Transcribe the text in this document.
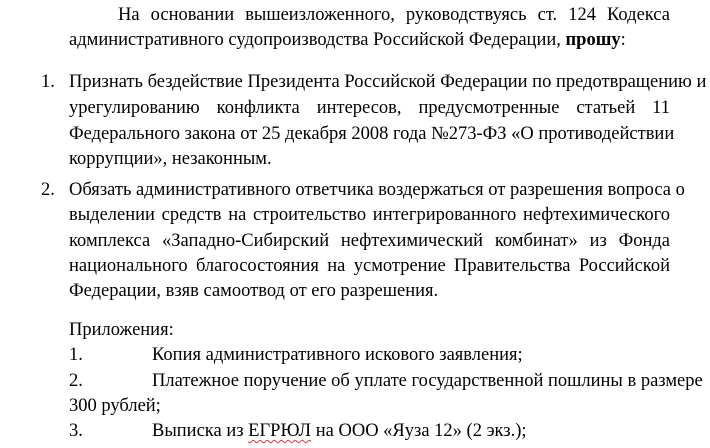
На основании вышеизложенного, руководствуясь ст. 124 Кодекса
административного судопроизводства Российской Федерации, прошу:
1. Признать бездействие Президента Российской Федерации по предотвращению и
урегулированию конфликта интересов, предусмотренные статьей 11
Федерального закона от 25 декабря 2008 года №273-ФЗ «О противодействии
коррупции», незаконным.
2. Обязать административного ответчика воздержаться от разрешения вопроса о
выделении средств на строительство интегрированного нефтехимического
комплекса «Западно-Сибирский нефтехимический комбинат» из Фонда
национального благосостояния на усмотрение Правительства Российской
Федерации, взяв самоотвод от его разрешения.
Приложения:
1.	Копия административного искового заявления;
2.	Платежное поручение об уплате государственной пошлины в размере
300 рублей;
3.	Выписка из ЕГРЮЛ на ООО «Яуза 12» (2 экз.);
